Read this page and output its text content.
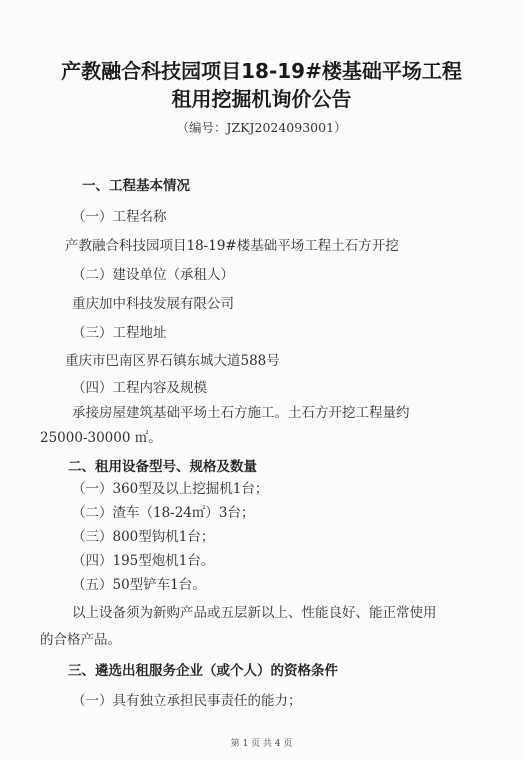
产教融合科技园项目18-19#楼基础平场工程
租用挖掘机询价公告
（编号：JZKJ2024093001）
一、工程基本情况
（一）工程名称
产教融合科技园项目18-19#楼基础平场工程土石方开挖
（二）建设单位（承租人）
重庆加中科技发展有限公司
（三）工程地址
重庆市巴南区界石镇东城大道588号
（四）工程内容及规模
承接房屋建筑基础平场土石方施工。土石方开挖工程量约
25000-30000 ㎡。
二、租用设备型号、规格及数量
（一）360型及以上挖掘机1台；
（二）渣车（18-24㎡）3台；
（三）800型钩机1台；
（四）195型炮机1台。
（五）50型铲车1台。
以上设备须为新购产品或五层新以上、性能良好、能正常使用
的合格产品。
三、遴选出租服务企业（或个人）的资格条件
（一）具有独立承担民事责任的能力；
第 1 页 共 4 页
